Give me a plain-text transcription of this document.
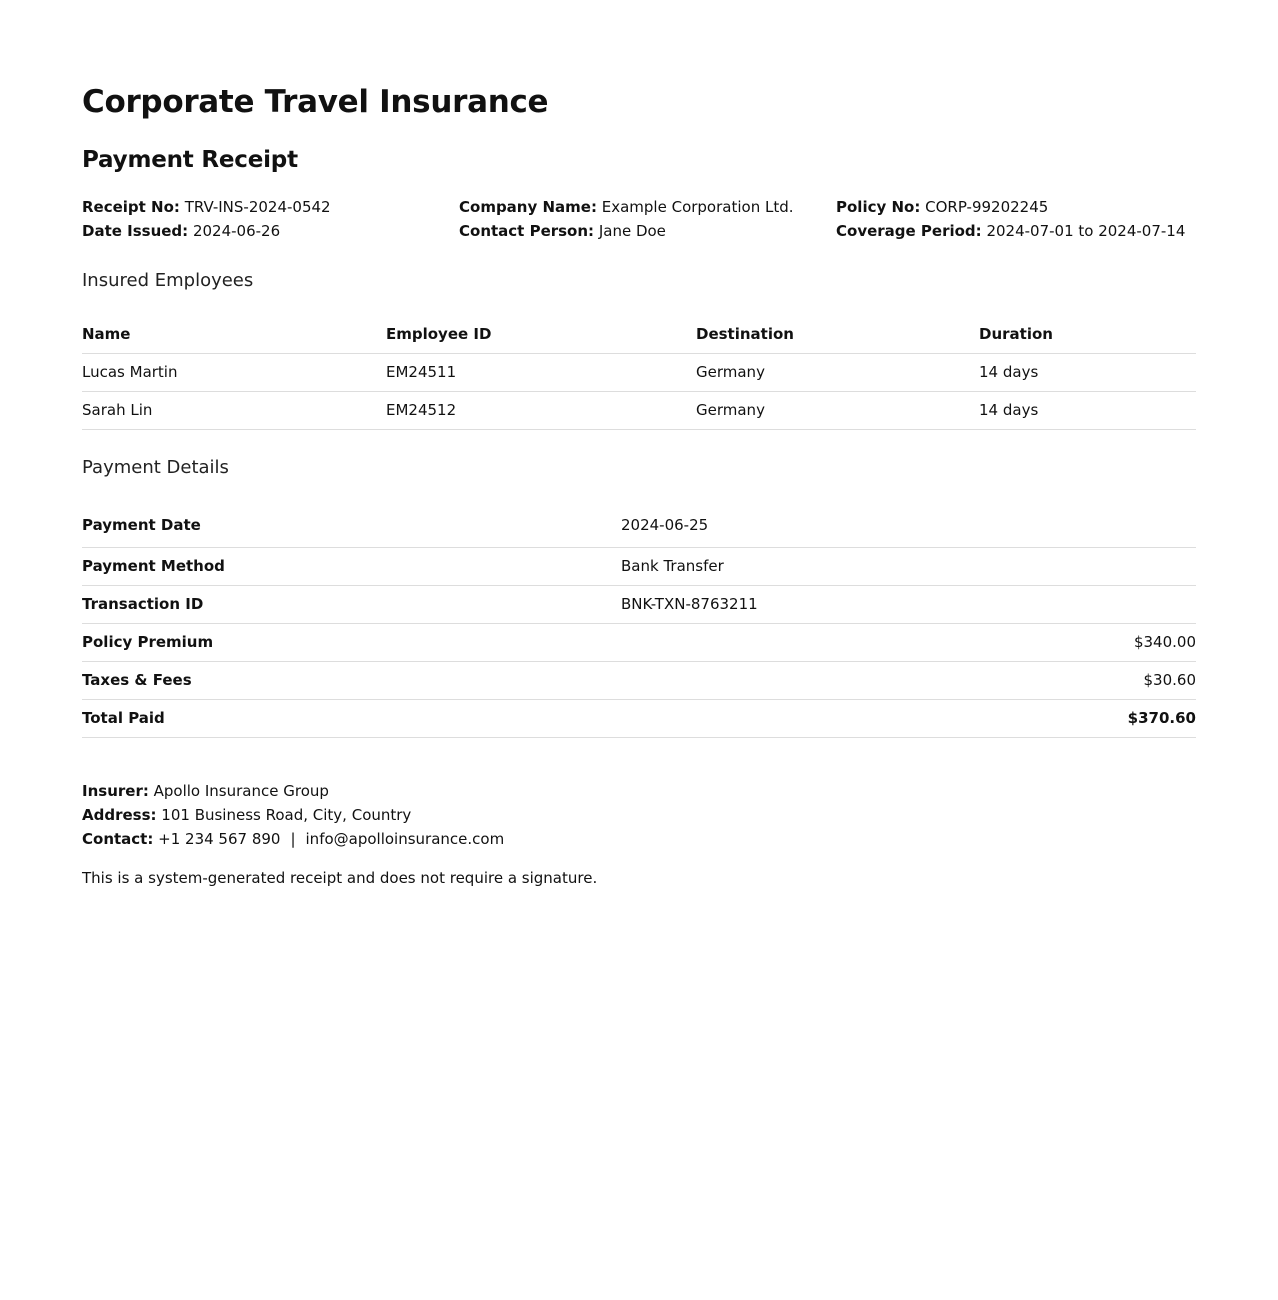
Corporate Travel Insurance
Payment Receipt
Receipt No: TRV-INS-2024-0542
Date Issued: 2024-06-26
Company Name: Example Corporation Ltd.
Contact Person: Jane Doe
Policy No: CORP-99202245
Coverage Period: 2024-07-01 to 2024-07-14
Insured Employees
Name	Employee ID	Destination	Duration
Lucas Martin	EM24511	Germany	14 days
Sarah Lin	EM24512	Germany	14 days
Payment Details
Payment Date	2024-06-25
Payment Method	Bank Transfer
Transaction ID	BNK-TXN-8763211
Policy Premium	$340.00
Taxes & Fees	$30.60
Total Paid	$370.60
Insurer: Apollo Insurance Group
Address: 101 Business Road, City, Country
Contact: +1 234 567 890 | info@apolloinsurance.com
This is a system-generated receipt and does not require a signature.
